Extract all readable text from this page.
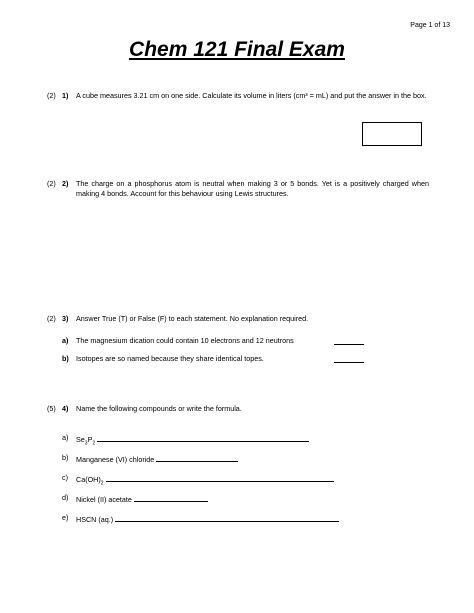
Page 1 of 13
Chem 121 Final Exam
(2) 1)	A cube measures 3.21 cm on one side. Calculate its volume in liters (cm³ = mL) and put the answer in the box.
(2) 2)	The charge on a phosphorus atom is neutral when making 3 or 5 bonds. Yet is a positively charged when making 4 bonds. Account for this behaviour using Lewis structures.
(2) 3)	Answer True (T) or False (F) to each statement. No explanation required.
a) The magnesium dication could contain 10 electrons and 12 neutrons
b) Isotopes are so named because they share identical topes.
(5) 4)	Name the following compounds or write the formula.
a) $Se_3P_2$
b) Manganese (VI) chloride
c) $Ca(OH)_2$
d) Nickel (II) acetate
e) HSCN (aq.)
